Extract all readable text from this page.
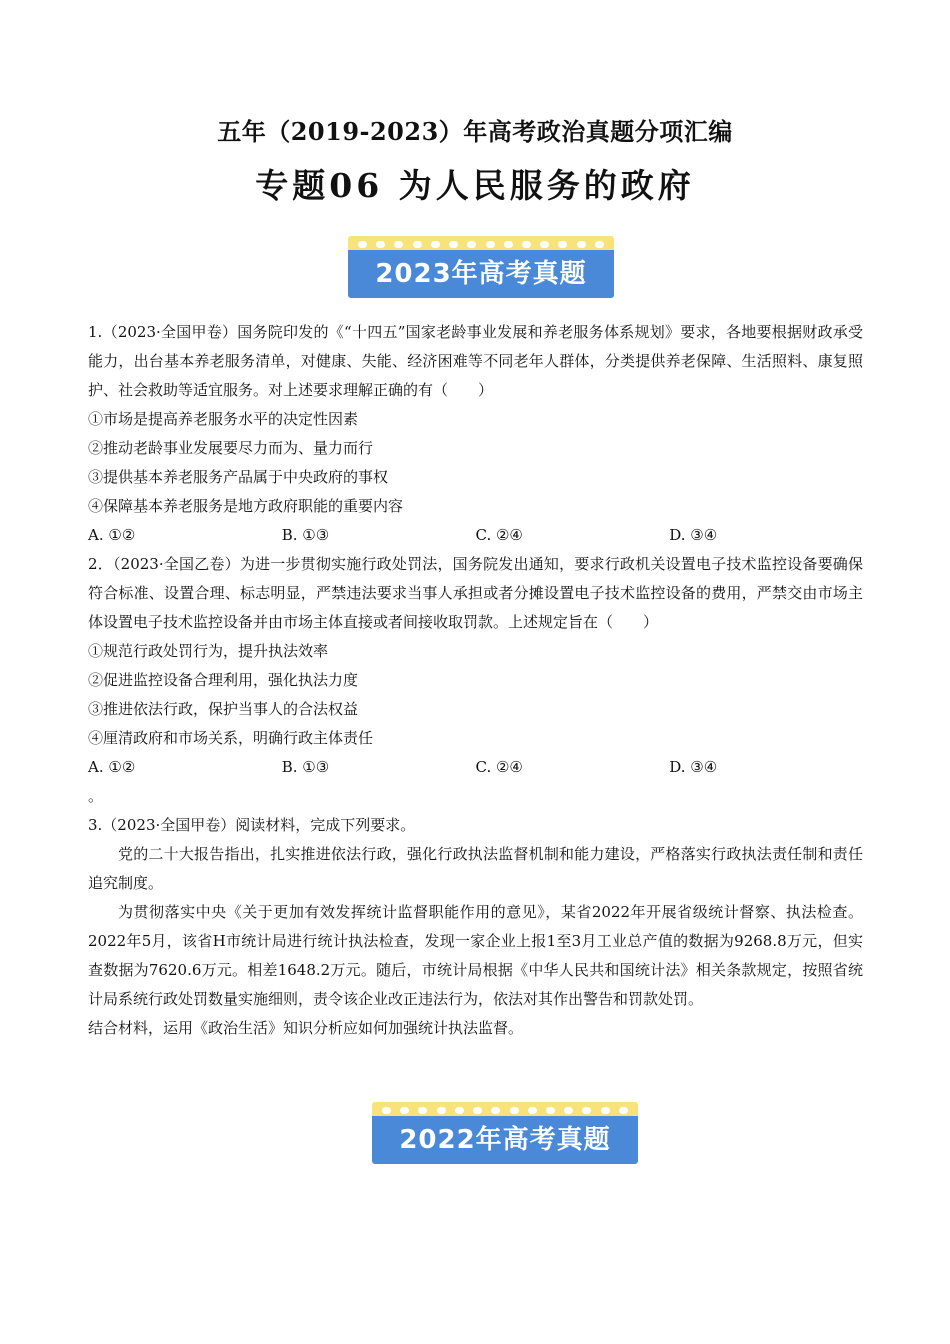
五年（2019-2023）年高考政治真题分项汇编
专题06 为人民服务的政府
2023年高考真题
1.（2023·全国甲卷）国务院印发的《“十四五”国家老龄事业发展和养老服务体系规划》要求，各地要根据财政承受能力，出台基本养老服务清单，对健康、失能、经济困难等不同老年人群体，分类提供养老保障、生活照料、康复照护、社会救助等适宜服务。对上述要求理解正确的有（　　）
①市场是提高养老服务水平的决定性因素
②推动老龄事业发展要尽力而为、量力而行
③提供基本养老服务产品属于中央政府的事权
④保障基本养老服务是地方政府职能的重要内容
A. ①②	B. ①③	C. ②④	D. ③④
2．（2023·全国乙卷）为进一步贯彻实施行政处罚法，国务院发出通知，要求行政机关设置电子技术监控设备要确保符合标准、设置合理、标志明显，严禁违法要求当事人承担或者分摊设置电子技术监控设备的费用，严禁交由市场主体设置电子技术监控设备并由市场主体直接或者间接收取罚款。上述规定旨在（　　）
①规范行政处罚行为，提升执法效率
②促进监控设备合理利用，强化执法力度
③推进依法行政，保护当事人的合法权益
④厘清政府和市场关系，明确行政主体责任
A. ①②	B. ①③	C. ②④	D. ③④
。
3.（2023·全国甲卷）阅读材料，完成下列要求。
党的二十大报告指出，扎实推进依法行政，强化行政执法监督机制和能力建设，严格落实行政执法责任制和责任追究制度。
为贯彻落实中央《关于更加有效发挥统计监督职能作用的意见》，某省2022年开展省级统计督察、执法检查。2022年5月，该省H市统计局进行统计执法检查，发现一家企业上报1至3月工业总产值的数据为9268.8万元，但实查数据为7620.6万元。相差1648.2万元。随后，市统计局根据《中华人民共和国统计法》相关条款规定，按照省统计局系统行政处罚数量实施细则，责令该企业改正违法行为，依法对其作出警告和罚款处罚。
结合材料，运用《政治生活》知识分析应如何加强统计执法监督。
2022年高考真题
